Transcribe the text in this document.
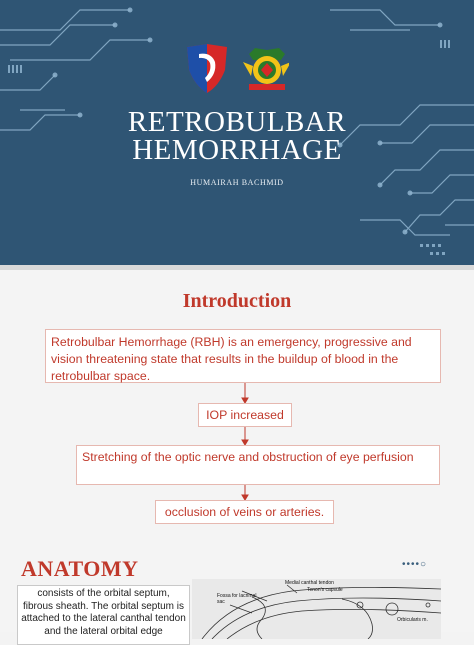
RETROBULBAR
HEMORRHAGE
HUMAIRAH BACHMID
Introduction
Retrobulbar Hemorrhage (RBH) is an emergency, progressive and vision threatening state that results in the buildup of blood in the retrobulbar space.
IOP increased
Stretching of the optic nerve and obstruction of eye perfusion
occlusion of veins or arteries.
ANATOMY	••••○
consists of the orbital septum, fibrous sheath. The orbital septum is attached to the lateral canthal tendon and the lateral orbital edge
Medial canthal tendon
Tenon's capsule
Fossa for lacrimal sac
Orbicularis m.
